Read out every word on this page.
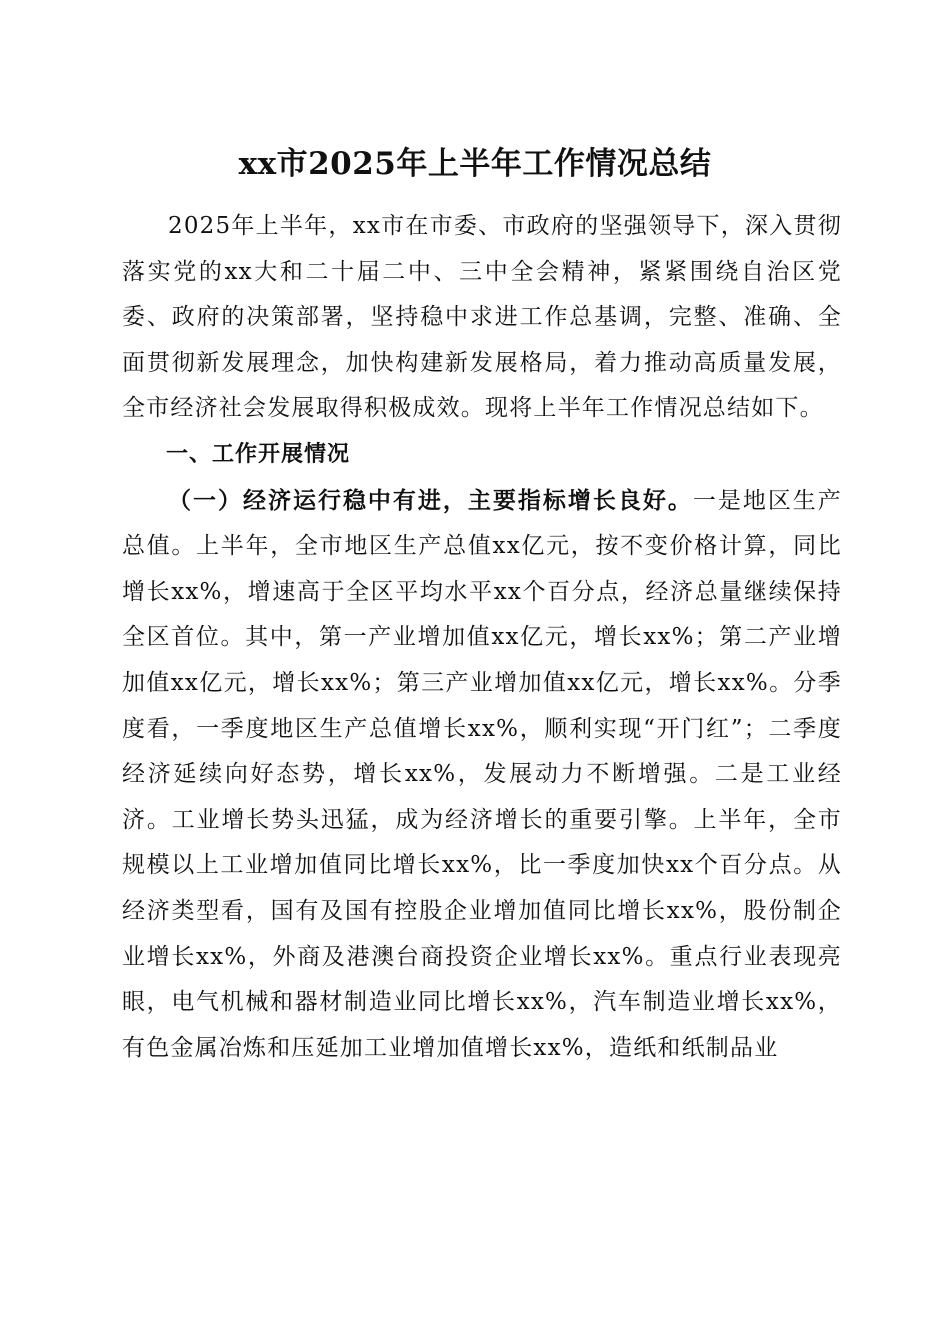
xx市2025年上半年工作情况总结

2025年上半年，xx市在市委、市政府的坚强领导下，深入贯彻落实党的xx大和二十届二中、三中全会精神，紧紧围绕自治区党委、政府的决策部署，坚持稳中求进工作总基调，完整、准确、全面贯彻新发展理念，加快构建新发展格局，着力推动高质量发展，全市经济社会发展取得积极成效。现将上半年工作情况总结如下。

一、工作开展情况

（一）经济运行稳中有进，主要指标增长良好。一是地区生产总值。上半年，全市地区生产总值xx亿元，按不变价格计算，同比增长xx%，增速高于全区平均水平xx个百分点，经济总量继续保持全区首位。其中，第一产业增加值xx亿元，增长xx%；第二产业增加值xx亿元，增长xx%；第三产业增加值xx亿元，增长xx%。分季度看，一季度地区生产总值增长xx%，顺利实现“开门红”；二季度经济延续向好态势，增长xx%，发展动力不断增强。二是工业经济。工业增长势头迅猛，成为经济增长的重要引擎。上半年，全市规模以上工业增加值同比增长xx%，比一季度加快xx个百分点。从经济类型看，国有及国有控股企业增加值同比增长xx%，股份制企业增长xx%，外商及港澳台商投资企业增长xx%。重点行业表现亮眼，电气机械和器材制造业同比增长xx%，汽车制造业增长xx%，有色金属冶炼和压延加工业增加值增长xx%，造纸和纸制品业
